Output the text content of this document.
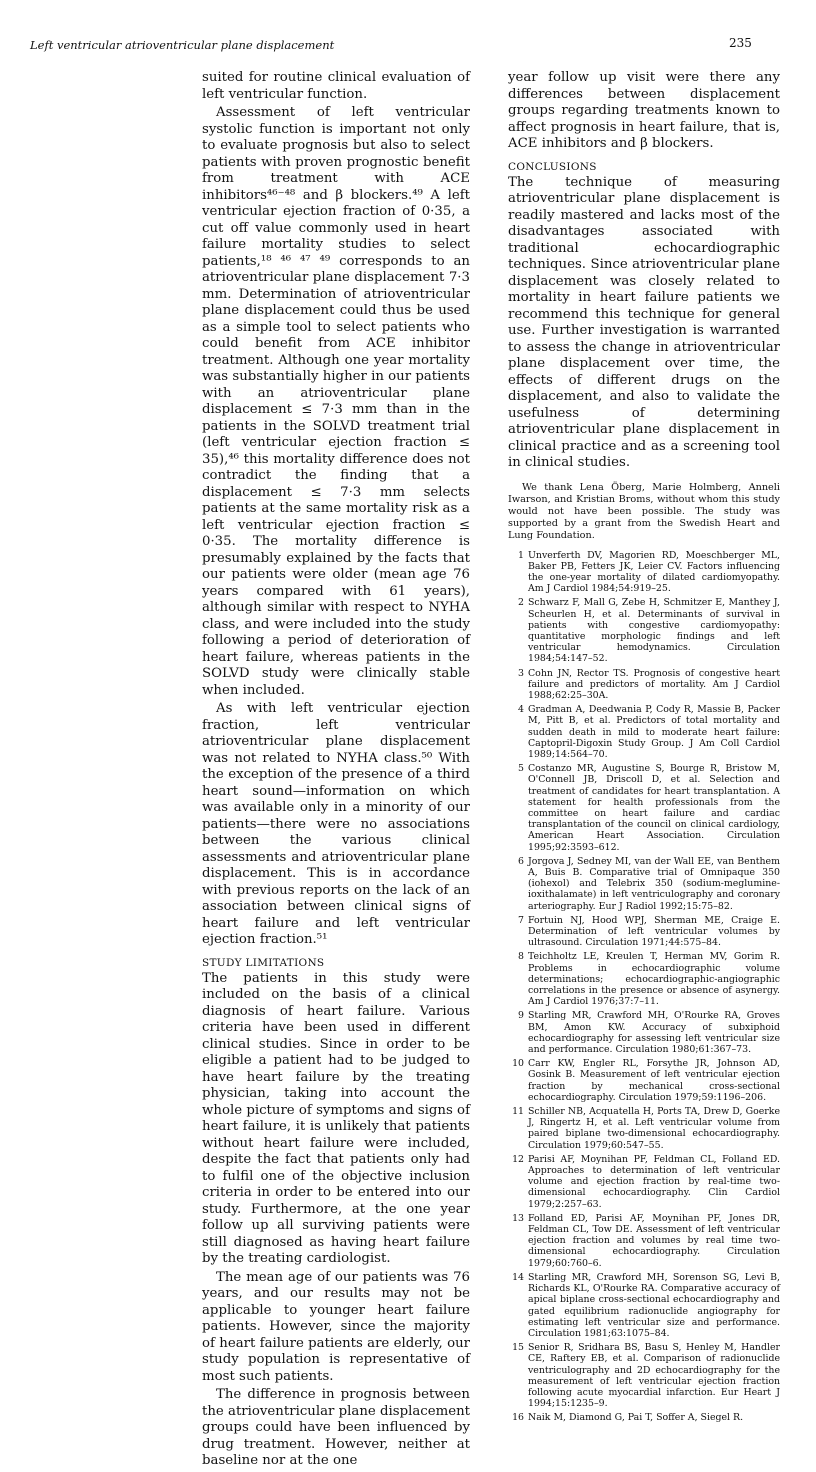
Left ventricular atrioventricular plane displacement	235

suited for routine clinical evaluation of left ventricular function.

Assessment of left ventricular systolic function is important not only to evaluate prognosis but also to select patients with proven prognostic benefit from treatment with ACE inhibitors⁴⁶⁻⁴⁸ and β blockers.⁴⁹ A left ventricular ejection fraction of 0·35, a cut off value commonly used in heart failure mortality studies to select patients,¹⁸ ⁴⁶ ⁴⁷ ⁴⁹ corresponds to an atrioventricular plane displacement 7·3 mm. Determination of atrioventricular plane displacement could thus be used as a simple tool to select patients who could benefit from ACE inhibitor treatment. Although one year mortality was substantially higher in our patients with an atrioventricular plane displacement ≤ 7·3 mm than in the patients in the SOLVD treatment trial (left ventricular ejection fraction ≤ 35),⁴⁶ this mortality difference does not contradict the finding that a displacement ≤ 7·3 mm selects patients at the same mortality risk as a left ventricular ejection fraction ≤ 0·35. The mortality difference is presumably explained by the facts that our patients were older (mean age 76 years compared with 61 years), although similar with respect to NYHA class, and were included into the study following a period of deterioration of heart failure, whereas patients in the SOLVD study were clinically stable when included.

As with left ventricular ejection fraction, left ventricular atrioventricular plane displacement was not related to NYHA class.⁵⁰ With the exception of the presence of a third heart sound—information on which was available only in a minority of our patients—there were no associations between the various clinical assessments and atrioventricular plane displacement. This is in accordance with previous reports on the lack of an association between clinical signs of heart failure and left ventricular ejection fraction.⁵¹

STUDY LIMITATIONS

The patients in this study were included on the basis of a clinical diagnosis of heart failure. Various criteria have been used in different clinical studies. Since in order to be eligible a patient had to be judged to have heart failure by the treating physician, taking into account the whole picture of symptoms and signs of heart failure, it is unlikely that patients without heart failure were included, despite the fact that patients only had to fulfil one of the objective inclusion criteria in order to be entered into our study. Furthermore, at the one year follow up all surviving patients were still diagnosed as having heart failure by the treating cardiologist.

The mean age of our patients was 76 years, and our results may not be applicable to younger heart failure patients. However, since the majority of heart failure patients are elderly, our study population is representative of most such patients.

The difference in prognosis between the atrioventricular plane displacement groups could have been influenced by drug treatment. However, neither at baseline nor at the one

year follow up visit were there any differences between displacement groups regarding treatments known to affect prognosis in heart failure, that is, ACE inhibitors and β blockers.

CONCLUSIONS

The technique of measuring atrioventricular plane displacement is readily mastered and lacks most of the disadvantages associated with traditional echocardiographic techniques. Since atrioventricular plane displacement was closely related to mortality in heart failure patients we recommend this technique for general use. Further investigation is warranted to assess the change in atrioventricular plane displacement over time, the effects of different drugs on the displacement, and also to validate the usefulness of determining atrioventricular plane displacement in clinical practice and as a screening tool in clinical studies.

We thank Lena Öberg, Marie Holmberg, Anneli Iwarson, and Kristian Broms, without whom this study would not have been possible. The study was supported by a grant from the Swedish Heart and Lung Foundation.

1 Unverferth DV, Magorien RD, Moeschberger ML, Baker PB, Fetters JK, Leier CV. Factors influencing the one-year mortality of dilated cardiomyopathy. Am J Cardiol 1984;54:919–25.
2 Schwarz F, Mall G, Zebe H, Schmitzer E, Manthey J, Scheurlen H, et al. Determinants of survival in patients with congestive cardiomyopathy: quantitative morphologic findings and left ventricular hemodynamics. Circulation 1984;54:147–52.
3 Cohn JN, Rector TS. Prognosis of congestive heart failure and predictors of mortality. Am J Cardiol 1988;62:25–30A.
4 Gradman A, Deedwania P, Cody R, Massie B, Packer M, Pitt B, et al. Predictors of total mortality and sudden death in mild to moderate heart failure: Captopril-Digoxin Study Group. J Am Coll Cardiol 1989;14:564–70.
5 Costanzo MR, Augustine S, Bourge R, Bristow M, O'Connell JB, Driscoll D, et al. Selection and treatment of candidates for heart transplantation. A statement for health professionals from the committee on heart failure and cardiac transplantation of the council on clinical cardiology, American Heart Association. Circulation 1995;92:3593–612.
6 Jorgova J, Sedney MI, van der Wall EE, van Benthem A, Buis B. Comparative trial of Omnipaque 350 (iohexol) and Telebrix 350 (sodium-meglumine-ioxithalamate) in left ventriculography and coronary arteriography. Eur J Radiol 1992;15:75–82.
7 Fortuin NJ, Hood WPJ, Sherman ME, Craige E. Determination of left ventricular volumes by ultrasound. Circulation 1971;44:575–84.
8 Teichholtz LE, Kreulen T, Herman MV, Gorim R. Problems in echocardiographic volume determinations; echocardiographic-angiographic correlations in the presence or absence of asynergy. Am J Cardiol 1976;37:7–11.
9 Starling MR, Crawford MH, O'Rourke RA, Groves BM, Amon KW. Accuracy of subxiphoid echocardiography for assessing left ventricular size and performance. Circulation 1980;61:367–73.
10 Carr KW, Engler RL, Forsythe JR, Johnson AD, Gosink B. Measurement of left ventricular ejection fraction by mechanical cross-sectional echocardiography. Circulation 1979;59:1196–206.
11 Schiller NB, Acquatella H, Ports TA, Drew D, Goerke J, Ringertz H, et al. Left ventricular volume from paired biplane two-dimensional echocardiography. Circulation 1979;60:547–55.
12 Parisi AF, Moynihan PF, Feldman CL, Folland ED. Approaches to determination of left ventricular volume and ejection fraction by real-time two-dimensional echocardiography. Clin Cardiol 1979;2:257–63.
13 Folland ED, Parisi AF, Moynihan PF, Jones DR, Feldman CL, Tow DE. Assessment of left ventricular ejection fraction and volumes by real time two-dimensional echocardiography. Circulation 1979;60:760–6.
14 Starling MR, Crawford MH, Sorenson SG, Levi B, Richards KL, O'Rourke RA. Comparative accuracy of apical biplane cross-sectional echocardiography and gated equilibrium radionuclide angiography for estimating left ventricular size and performance. Circulation 1981;63:1075–84.
15 Senior R, Sridhara BS, Basu S, Henley M, Handler CE, Raftery EB, et al. Comparison of radionuclide ventriculography and 2D echocardiography for the measurement of left ventricular ejection fraction following acute myocardial infarction. Eur Heart J 1994;15:1235–9.
16 Naik M, Diamond G, Pai T, Soffer A, Siegel R.
